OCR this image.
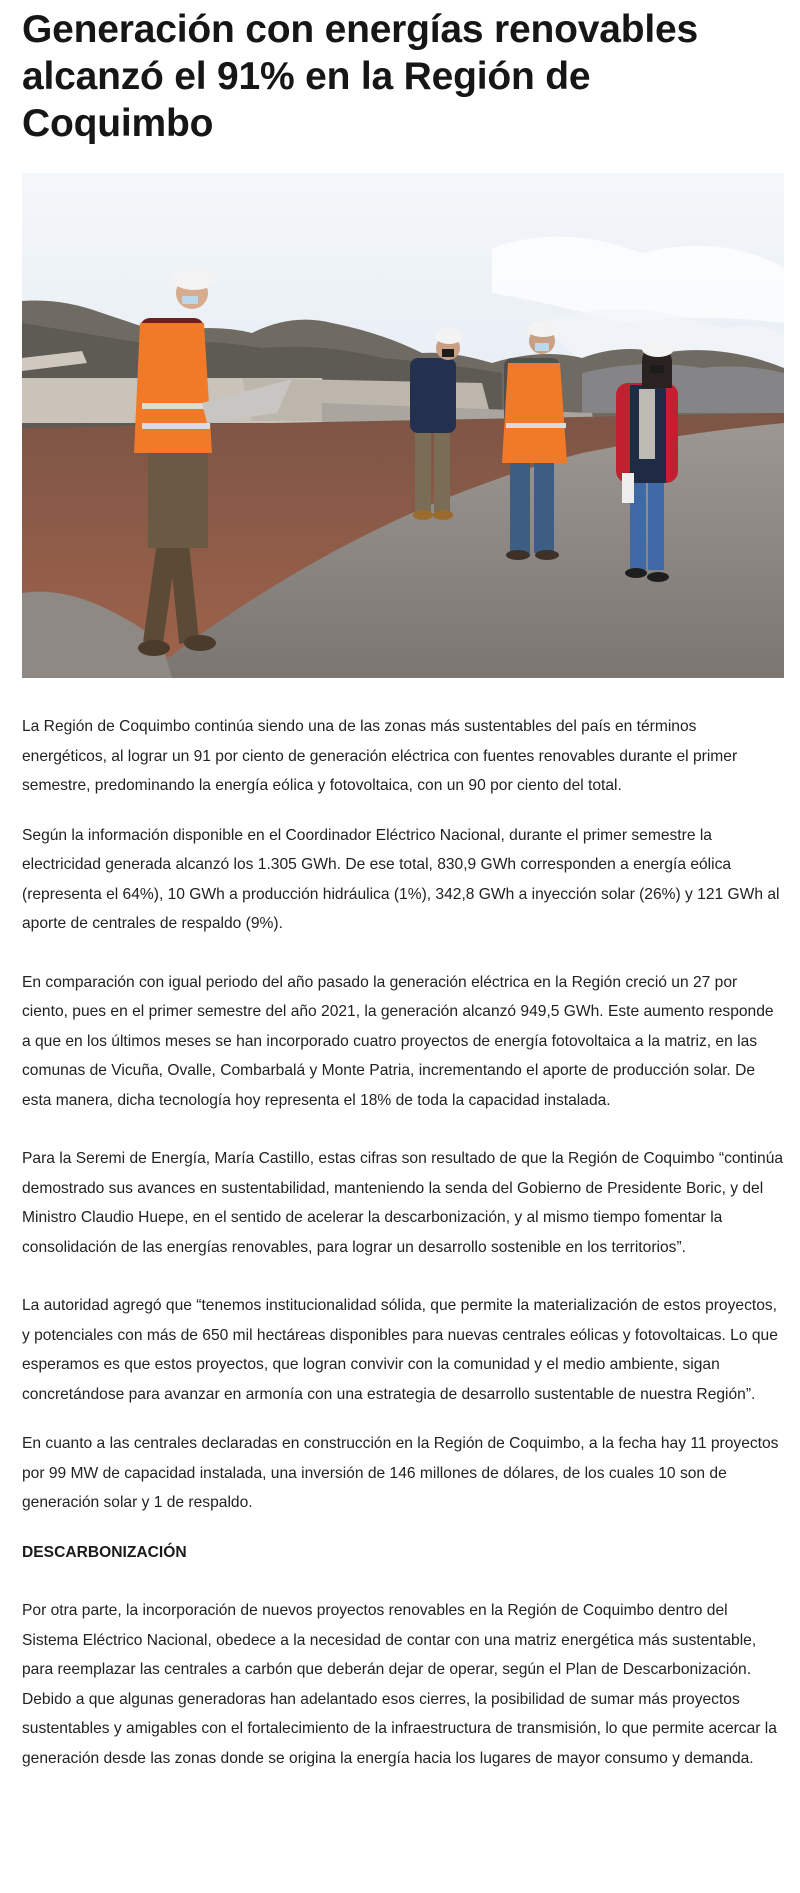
Generación con energías renovables alcanzó el 91% en la Región de Coquimbo

La Región de Coquimbo continúa siendo una de las zonas más sustentables del país en términos energéticos, al lograr un 91 por ciento de generación eléctrica con fuentes renovables durante el primer semestre, predominando la energía eólica y fotovoltaica, con un 90 por ciento del total.

Según la información disponible en el Coordinador Eléctrico Nacional, durante el primer semestre la electricidad generada alcanzó los 1.305 GWh. De ese total, 830,9 GWh corresponden a energía eólica (representa el 64%), 10 GWh a producción hidráulica (1%), 342,8 GWh a inyección solar (26%) y 121 GWh al aporte de centrales de respaldo (9%).

En comparación con igual periodo del año pasado la generación eléctrica en la Región creció un 27 por ciento, pues en el primer semestre del año 2021, la generación alcanzó 949,5 GWh. Este aumento responde a que en los últimos meses se han incorporado cuatro proyectos de energía fotovoltaica a la matriz, en las comunas de Vicuña, Ovalle, Combarbalá y Monte Patria, incrementando el aporte de producción solar. De esta manera, dicha tecnología hoy representa el 18% de toda la capacidad instalada.

Para la Seremi de Energía, María Castillo, estas cifras son resultado de que la Región de Coquimbo “continúa demostrado sus avances en sustentabilidad, manteniendo la senda del Gobierno de Presidente Boric, y del Ministro Claudio Huepe, en el sentido de acelerar la descarbonización, y al mismo tiempo fomentar la consolidación de las energías renovables, para lograr un desarrollo sostenible en los territorios”.

La autoridad agregó que “tenemos institucionalidad sólida, que permite la materialización de estos proyectos, y potenciales con más de 650 mil hectáreas disponibles para nuevas centrales eólicas y fotovoltaicas. Lo que esperamos es que estos proyectos, que logran convivir con la comunidad y el medio ambiente, sigan concretándose para avanzar en armonía con una estrategia de desarrollo sustentable de nuestra Región”.

En cuanto a las centrales declaradas en construcción en la Región de Coquimbo, a la fecha hay 11 proyectos por 99 MW de capacidad instalada, una inversión de 146 millones de dólares, de los cuales 10 son de generación solar y 1 de respaldo.

DESCARBONIZACIÓN

Por otra parte, la incorporación de nuevos proyectos renovables en la Región de Coquimbo dentro del Sistema Eléctrico Nacional, obedece a la necesidad de contar con una matriz energética más sustentable, para reemplazar las centrales a carbón que deberán dejar de operar, según el Plan de Descarbonización. Debido a que algunas generadoras han adelantado esos cierres, la posibilidad de sumar más proyectos sustentables y amigables con el fortalecimiento de la infraestructura de transmisión, lo que permite acercar la generación desde las zonas donde se origina la energía hacia los lugares de mayor consumo y demanda.
